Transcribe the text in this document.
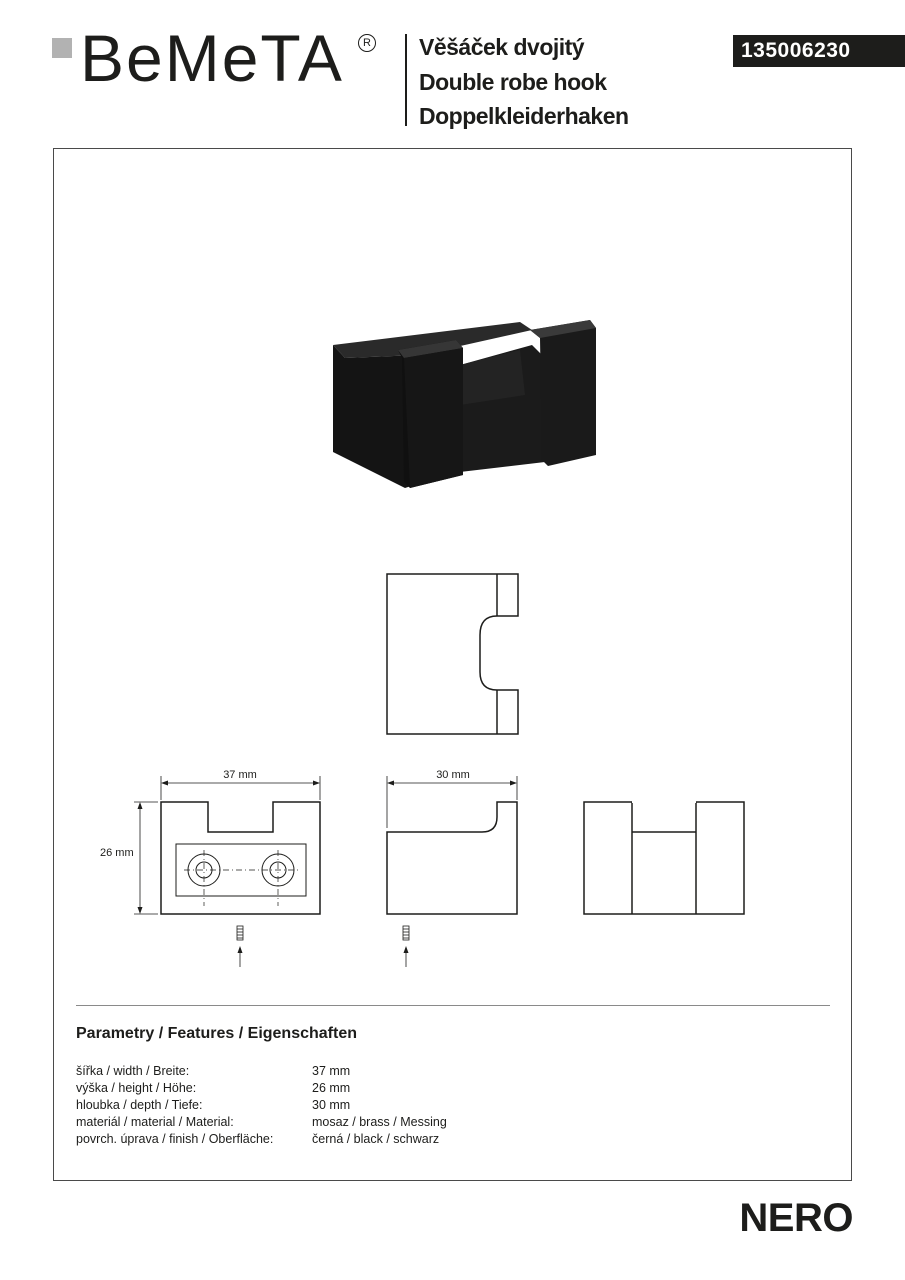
BeMeTA	R Věšáček dvojitý
Double robe hook
Doppelkleiderhaken
135006230
37 mm
26 mm
30 mm
Parametry / Features / Eigenschaften
šířka / width / Breite:	37 mm
výška / height / Höhe:	26 mm
hloubka / depth / Tiefe:	30 mm
materiál / material / Material:	mosaz / brass / Messing
povrch. úprava / finish / Oberfläche:	černá / black / schwarz
NERO
